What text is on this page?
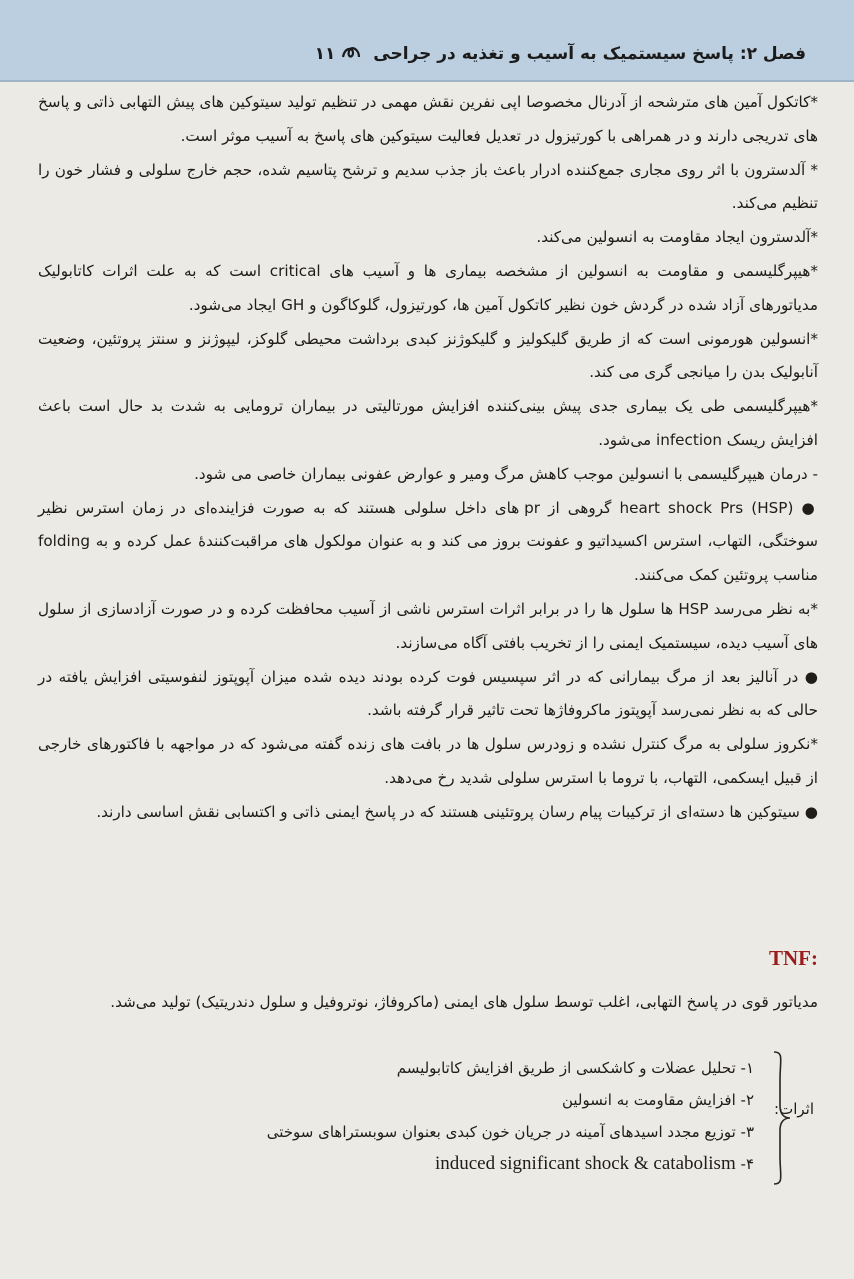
فصل ۲: پاسخ سیستمیک به آسیب و تغذیه در جراحی  ۱۱

*کاتکول آمین های مترشحه از آدرنال مخصوصا اپی نفرین نقش مهمی در تنظیم تولید سیتوکین های پیش التهابی ذاتی و پاسخ های تدریجی دارند و در همراهی با کورتیزول در تعدیل فعالیت سیتوکین های پاسخ به آسیب موثر است.

* آلدسترون با اثر روی مجاری جمع‌کننده ادرار باعث باز جذب سدیم و ترشح پتاسیم شده، حجم خارج سلولی و فشار خون را تنظیم می‌کند.

*آلدسترون ایجاد مقاومت به انسولین می‌کند.

*هیپرگلیسمی و مقاومت به انسولین از مشخصه بیماری ها و آسیب های critical است که به علت اثرات کاتابولیک مدیاتورهای آزاد شده در گردش خون نظیر کاتکول آمین ها، کورتیزول، گلوکاگون و GH ایجاد می‌شود.

*انسولین هورمونی است که از طریق گلیکولیز و گلیکوژنز کبدی برداشت محیطی گلوکز، لیپوژنز و سنتز پروتئین، وضعیت آنابولیک بدن را میانجی گری می کند.

*هیپرگلیسمی طی یک بیماری جدی پیش بینی‌کننده افزایش مورتالیتی در بیماران ترومایی به شدت بد حال است باعث افزایش ریسک infection می‌شود.

- درمان هیپرگلیسمی با انسولین موجب کاهش مرگ ومیر و عوارض عفونی بیماران خاصی می شود.

● (HSP) heart shock Prs گروهی از pr های داخل سلولی هستند که به صورت فزاینده‌ای در زمان استرس نظیر سوختگی، التهاب، استرس اکسیداتیو و عفونت بروز می کند و به عنوان مولکول های مراقبت‌کنندهٔ عمل کرده و به folding مناسب پروتئین کمک می‌کنند.

*به نظر می‌رسد HSP ها سلول ها را در برابر اثرات استرس ناشی از آسیب محافظت کرده و در صورت آزادسازی از سلول های آسیب دیده، سیستمیک ایمنی را از تخریب بافتی آگاه می‌سازند.

● در آنالیز بعد از مرگ بیمارانی که در اثر سپسیس فوت کرده بودند دیده شده میزان آپوپتوز لنفوسیتی افزایش یافته در حالی که به نظر نمی‌رسد آپوپتوز ماکروفاژها تحت تاثیر قرار گرفته باشد.

*نکروز سلولی به مرگ کنترل نشده و زودرس سلول ها در بافت های زنده گفته می‌شود که در مواجهه با فاکتورهای خارجی از قبیل ایسکمی، التهاب، با تروما با استرس سلولی شدید رخ می‌دهد.

● سیتوکین ها دسته‌ای از ترکیبات پیام رسان پروتئینی هستند که در پاسخ ایمنی ذاتی و اکتسابی نقش اساسی دارند.

:TNF
مدیاتور قوی در پاسخ التهابی، اغلب توسط سلول های ایمنی (ماکروفاژ، نوتروفیل و سلول دندریتیک) تولید می‌شد.
اثرات:
۱- تحلیل عضلات و کاشکسی از طریق افزایش کاتابولیسم
۲- افزایش مقاومت به انسولین
۳- توزیع مجدد اسیدهای آمینه در جریان خون کبدی بعنوان سوبستراهای سوختی
۴- induced significant shock & catabolism
